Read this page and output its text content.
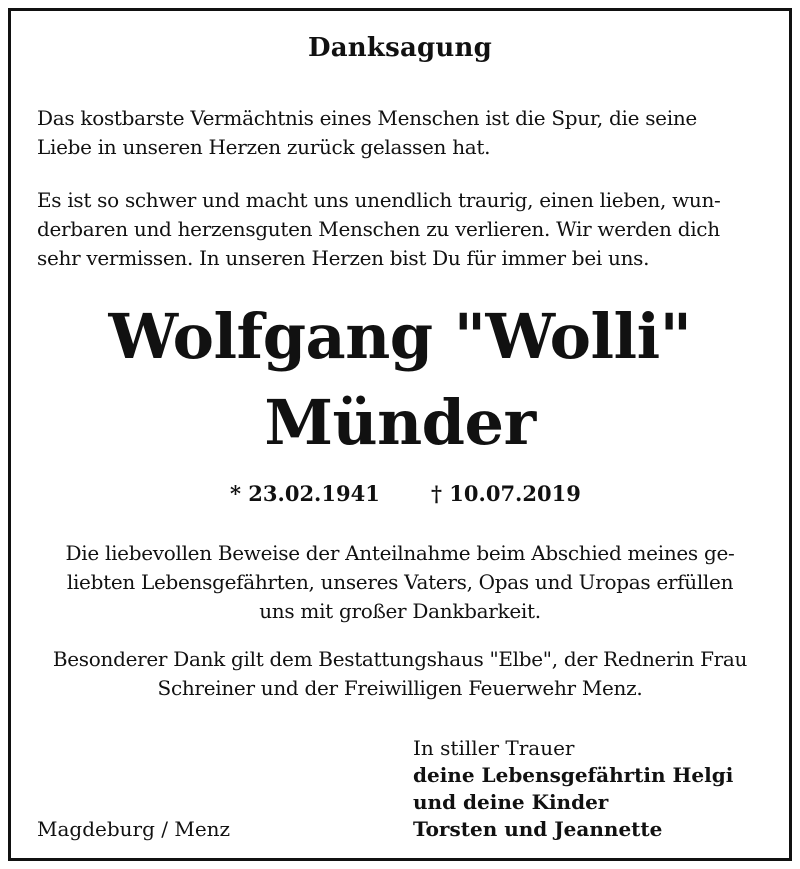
Danksagung
Das kostbarste Vermächtnis eines Menschen ist die Spur, die seine
Liebe in unseren Herzen zurück gelassen hat.
Es ist so schwer und macht uns unendlich traurig, einen lieben, wun-
derbaren und herzensguten Menschen zu verlieren. Wir werden dich
sehr vermissen. In unseren Herzen bist Du für immer bei uns.
Wolfgang "Wolli"
Münder
* 23.02.1941 † 10.07.2019
Die liebevollen Beweise der Anteilnahme beim Abschied meines ge-
liebten Lebensgefährten, unseres Vaters, Opas und Uropas erfüllen
uns mit großer Dankbarkeit.
Besonderer Dank gilt dem Bestattungshaus "Elbe", der Rednerin Frau
Schreiner und der Freiwilligen Feuerwehr Menz.
In stiller Trauer
deine Lebensgefährtin Helgi
und deine Kinder
Torsten und Jeannette
Magdeburg / Menz
